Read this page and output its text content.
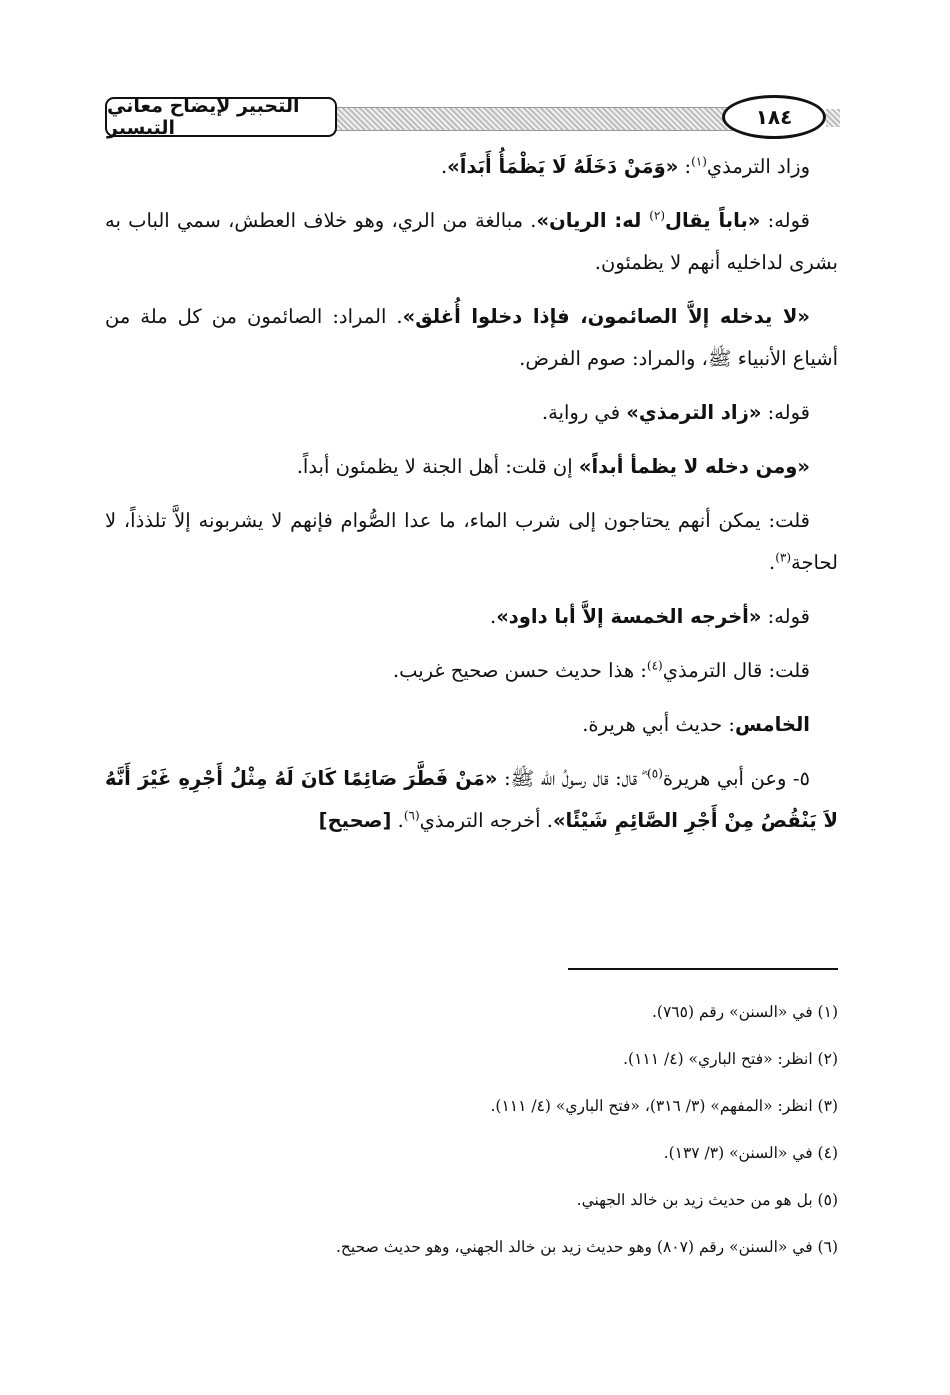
التحبير لإيضاح معاني التيسير	١٨٤

وزاد الترمذي$^{(١)}$: «وَمَنْ دَخَلَهُ لَا يَظْمَأُ أَبَداً».

قوله: «باباً يقال$^{(٢)}$ له: الريان». مبالغة من الري، وهو خلاف العطش، سمي الباب به بشرى لداخليه أنهم لا يظمئون.

«لا يدخله إلاَّ الصائمون، فإذا دخلوا أُغلق». المراد: الصائمون من كل ملة من أشياع الأنبياء ﷺ، والمراد: صوم الفرض.

قوله: «زاد الترمذي» في رواية.

«ومن دخله لا يظمأ أبداً» إن قلت: أهل الجنة لا يظمئون أبداً.

قلت: يمكن أنهم يحتاجون إلى شرب الماء، ما عدا الصُّوام فإنهم لا يشربونه إلاَّ تلذذاً، لا لحاجة$^{(٣)}$.

قوله: «أخرجه الخمسة إلاَّ أبا داود».

قلت: قال الترمذي$^{(٤)}$: هذا حديث حسن صحيح غريب.

الخامس: حديث أبي هريرة.

٥- وعن أبي هريرة$^{(٥)}$ ؓ قال: قال رسولُ الله ﷺ: «مَنْ فَطَّرَ صَائِمًا كَانَ لَهُ مِثْلُ أَجْرِهِ غَيْرَ أَنَّهُ لاَ يَنْقُصُ مِنْ أَجْرِ الصَّائِمِ شَيْئًا». أخرجه الترمذي$^{(٦)}$. [صحيح]

(١) في «السنن» رقم (٧٦٥).
(٢) انظر: «فتح الباري» (٤/ ١١١).
(٣) انظر: «المفهم» (٣/ ٣١٦)، «فتح الباري» (٤/ ١١١).
(٤) في «السنن» (٣/ ١٣٧).
(٥) بل هو من حديث زيد بن خالد الجهني.
(٦) في «السنن» رقم (٨٠٧) وهو حديث زيد بن خالد الجهني، وهو حديث صحيح.
